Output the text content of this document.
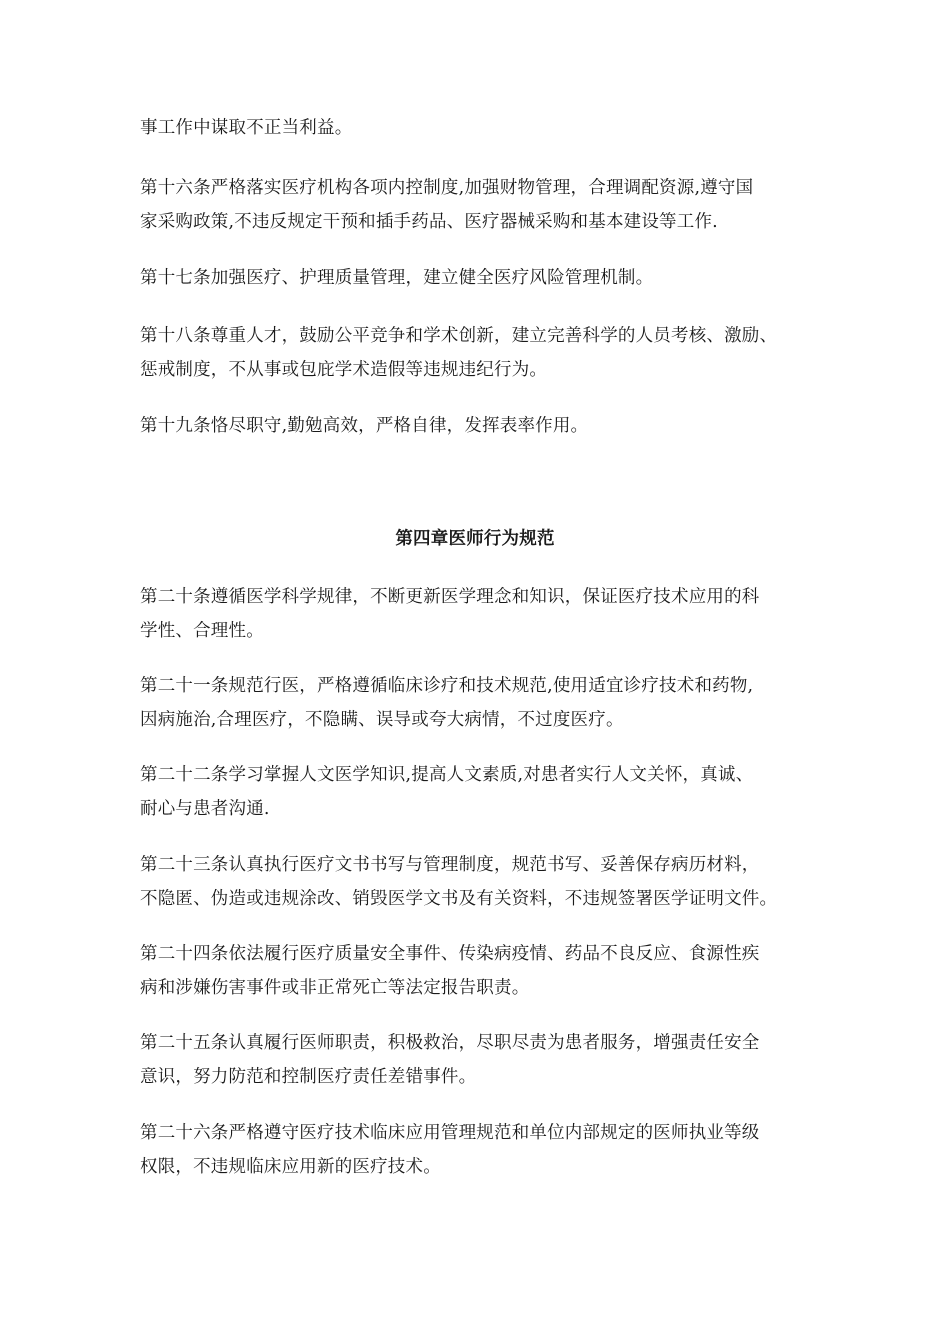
事工作中谋取不正当利益。

第十六条严格落实医疗机构各项内控制度,加强财物管理，合理调配资源,遵守国
家采购政策,不违反规定干预和插手药品、医疗器械采购和基本建设等工作.

第十七条加强医疗、护理质量管理，建立健全医疗风险管理机制。

第十八条尊重人才，鼓励公平竞争和学术创新，建立完善科学的人员考核、激励、
惩戒制度，不从事或包庇学术造假等违规违纪行为。

第十九条恪尽职守,勤勉高效，严格自律，发挥表率作用。

第四章医师行为规范

第二十条遵循医学科学规律，不断更新医学理念和知识，保证医疗技术应用的科
学性、合理性。

第二十一条规范行医，严格遵循临床诊疗和技术规范,使用适宜诊疗技术和药物,
因病施治,合理医疗，不隐瞒、误导或夸大病情，不过度医疗。

第二十二条学习掌握人文医学知识,提高人文素质,对患者实行人文关怀，真诚、
耐心与患者沟通.

第二十三条认真执行医疗文书书写与管理制度，规范书写、妥善保存病历材料，
不隐匿、伪造或违规涂改、销毁医学文书及有关资料，不违规签署医学证明文件。

第二十四条依法履行医疗质量安全事件、传染病疫情、药品不良反应、食源性疾
病和涉嫌伤害事件或非正常死亡等法定报告职责。

第二十五条认真履行医师职责，积极救治，尽职尽责为患者服务，增强责任安全
意识，努力防范和控制医疗责任差错事件。

第二十六条严格遵守医疗技术临床应用管理规范和单位内部规定的医师执业等级
权限，不违规临床应用新的医疗技术。
